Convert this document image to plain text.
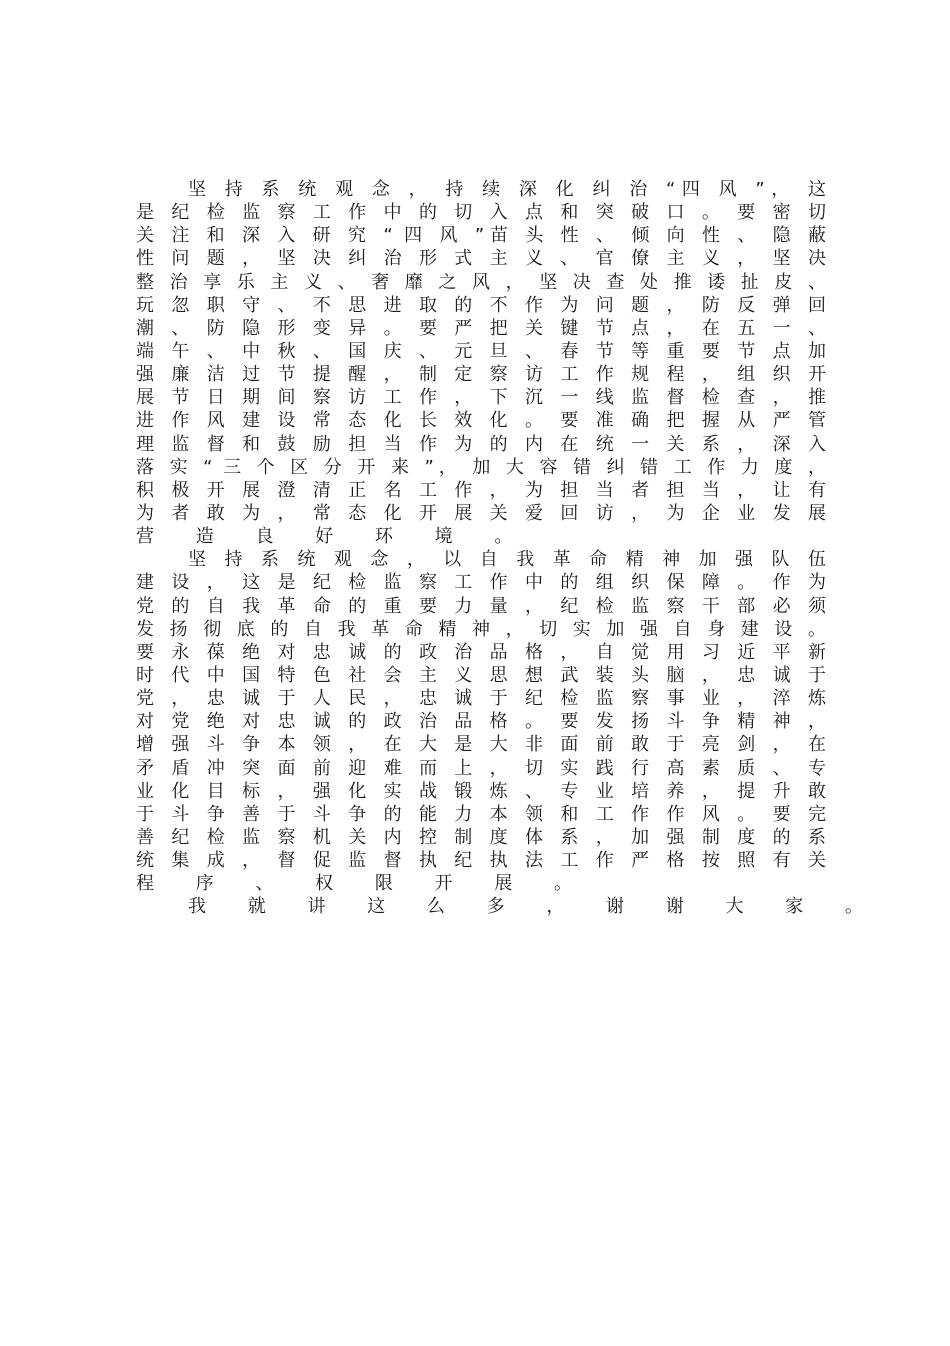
坚 持 系 统 观 念 ， 持 续 深 化 纠 治 “四 风 ”， 这
是 纪 检 监 察 工 作 中 的 切 入 点 和 突 破 口 。 要 密 切
关 注 和 深 入 研 究 “ 四 风 ”苗 头 性 、 倾 向 性 、 隐 蔽
性 问 题 ， 坚 决 纠 治 形 式 主 义 、 官 僚 主 义 ， 坚 决
整 治 享 乐 主 义 、 奢 靡 之 风 ， 坚 决 查 处 推 诿 扯 皮 、
玩 忽 职 守 、 不 思 进 取 的 不 作 为 问 题 ， 防 反 弹 回
潮 、 防 隐 形 变 异 。 要 严 把 关 键 节 点 ， 在 五 一 、
端 午 、 中 秋 、 国 庆 、 元 旦 、 春 节 等 重 要 节 点 加
强 廉 洁 过 节 提 醒 ， 制 定 察 访 工 作 规 程 ， 组 织 开
展 节 日 期 间 察 访 工 作 ， 下 沉 一 线 监 督 检 查 ， 推
进 作 风 建 设 常 态 化 长 效 化 。 要 准 确 把 握 从 严 管
理 监 督 和 鼓 励 担 当 作 为 的 内 在 统 一 关 系 ， 深 入
落 实 “ 三 个 区 分 开 来 ”， 加 大 容 错 纠 错 工 作 力 度 ，
积 极 开 展 澄 清 正 名 工 作 ， 为 担 当 者 担 当 ， 让 有
为 者 敢 为 ， 常 态 化 开 展 关 爱 回 访 ， 为 企 业 发 展
营 造 良 好 环 境 。
坚 持 系 统 观 念 ， 以 自 我 革 命 精 神 加 强 队 伍
建 设 ， 这 是 纪 检 监 察 工 作 中 的 组 织 保 障 。 作 为
党 的 自 我 革 命 的 重 要 力 量 ， 纪 检 监 察 干 部 必 须
发 扬 彻 底 的 自 我 革 命 精 神 ， 切 实 加 强 自 身 建 设 。
要 永 葆 绝 对 忠 诚 的 政 治 品 格 ， 自 觉 用 习 近 平 新
时 代 中 国 特 色 社 会 主 义 思 想 武 装 头 脑 ， 忠 诚 于
党 ， 忠 诚 于 人 民 ， 忠 诚 于 纪 检 监 察 事 业 ， 淬 炼
对 党 绝 对 忠 诚 的 政 治 品 格 。 要 发 扬 斗 争 精 神 ，
增 强 斗 争 本 领 ， 在 大 是 大 非 面 前 敢 于 亮 剑 ， 在
矛 盾 冲 突 面 前 迎 难 而 上 ， 切 实 践 行 高 素 质 、 专
业 化 目 标 ， 强 化 实 战 锻 炼 、 专 业 培 养 ， 提 升 敢
于 斗 争 善 于 斗 争 的 能 力 本 领 和 工 作 作 风 。 要 完
善 纪 检 监 察 机 关 内 控 制 度 体 系 ， 加 强 制 度 的 系
统 集 成 ， 督 促 监 督 执 纪 执 法 工 作 严 格 按 照 有 关
程 序 、 权 限 开 展 。
我 就 讲 这 么 多 ， 谢 谢 大 家 。
